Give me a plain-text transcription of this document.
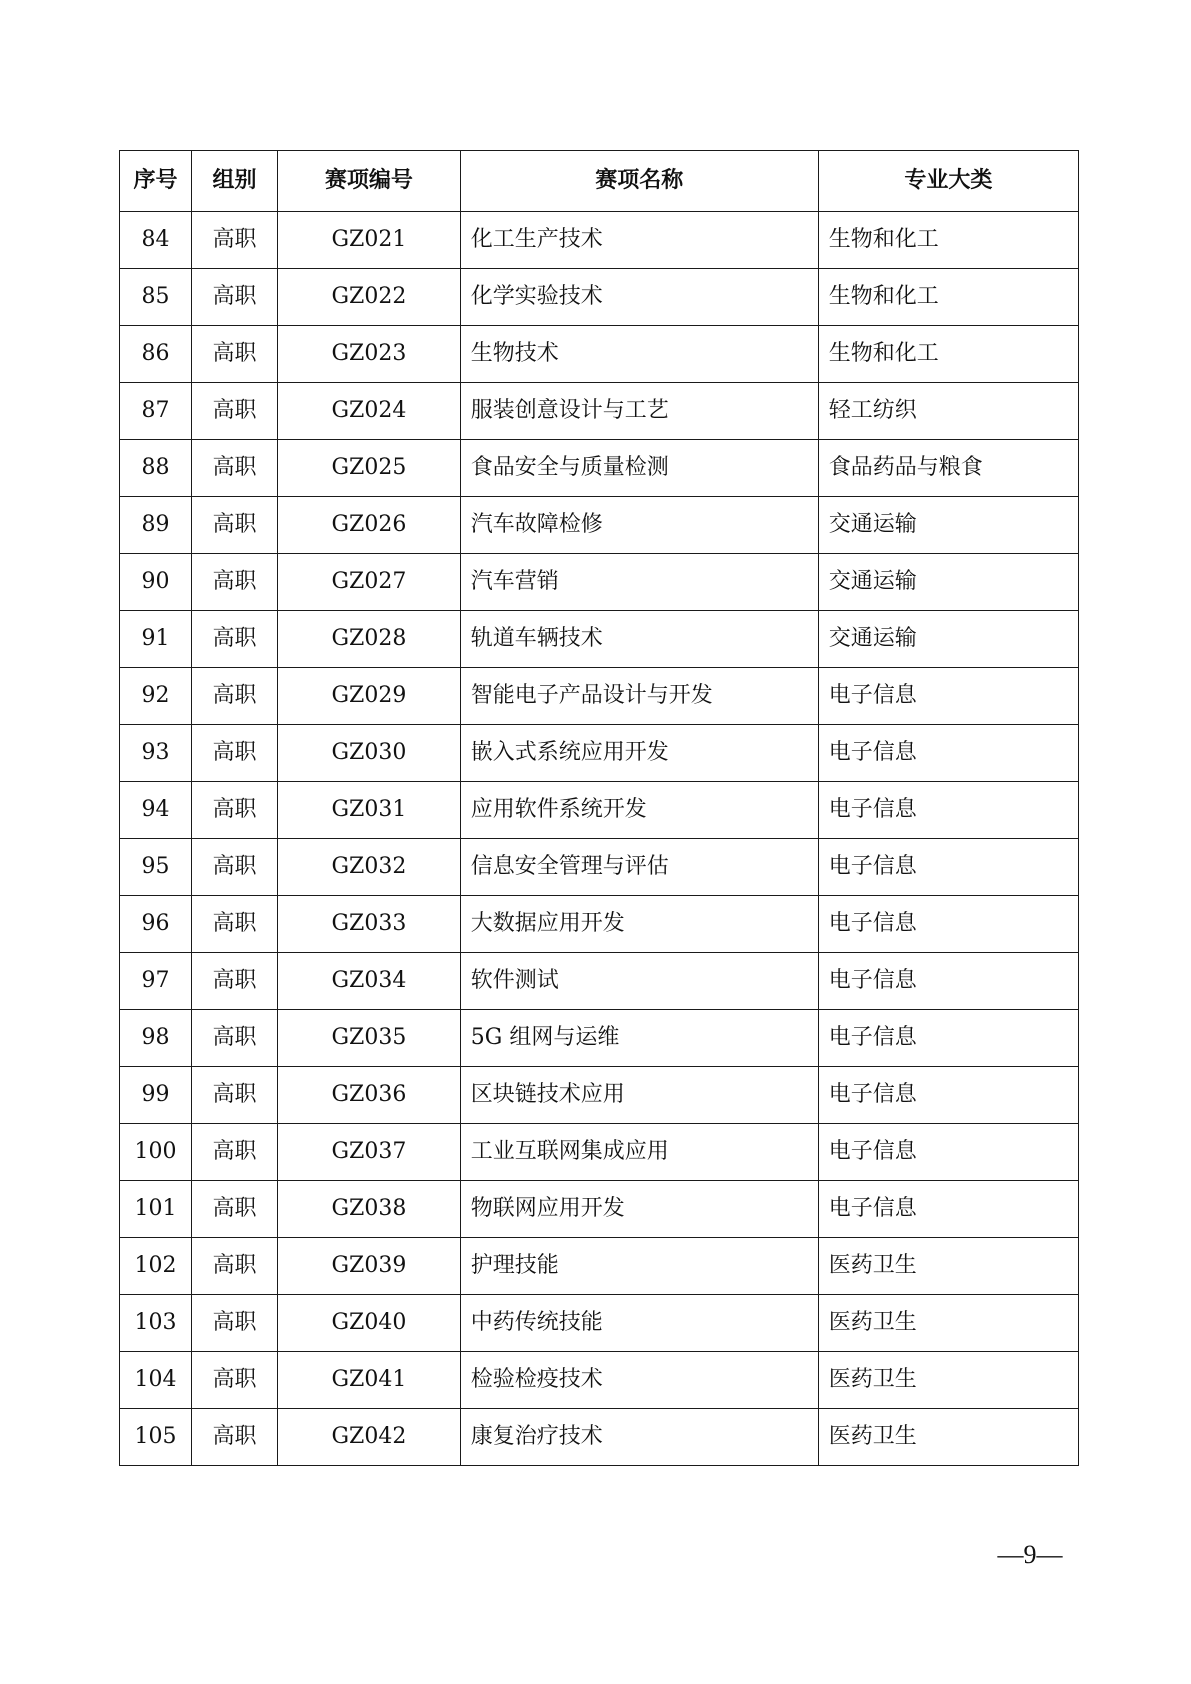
序号	组别	赛项编号	赛项名称	专业大类
84	高职	GZ021	化工生产技术	生物和化工
85	高职	GZ022	化学实验技术	生物和化工
86	高职	GZ023	生物技术	生物和化工
87	高职	GZ024	服装创意设计与工艺	轻工纺织
88	高职	GZ025	食品安全与质量检测	食品药品与粮食
89	高职	GZ026	汽车故障检修	交通运输
90	高职	GZ027	汽车营销	交通运输
91	高职	GZ028	轨道车辆技术	交通运输
92	高职	GZ029	智能电子产品设计与开发	电子信息
93	高职	GZ030	嵌入式系统应用开发	电子信息
94	高职	GZ031	应用软件系统开发	电子信息
95	高职	GZ032	信息安全管理与评估	电子信息
96	高职	GZ033	大数据应用开发	电子信息
97	高职	GZ034	软件测试	电子信息
98	高职	GZ035	5G 组网与运维	电子信息
99	高职	GZ036	区块链技术应用	电子信息
100	高职	GZ037	工业互联网集成应用	电子信息
101	高职	GZ038	物联网应用开发	电子信息
102	高职	GZ039	护理技能	医药卫生
103	高职	GZ040	中药传统技能	医药卫生
104	高职	GZ041	检验检疫技术	医药卫生
105	高职	GZ042	康复治疗技术	医药卫生
—9—
